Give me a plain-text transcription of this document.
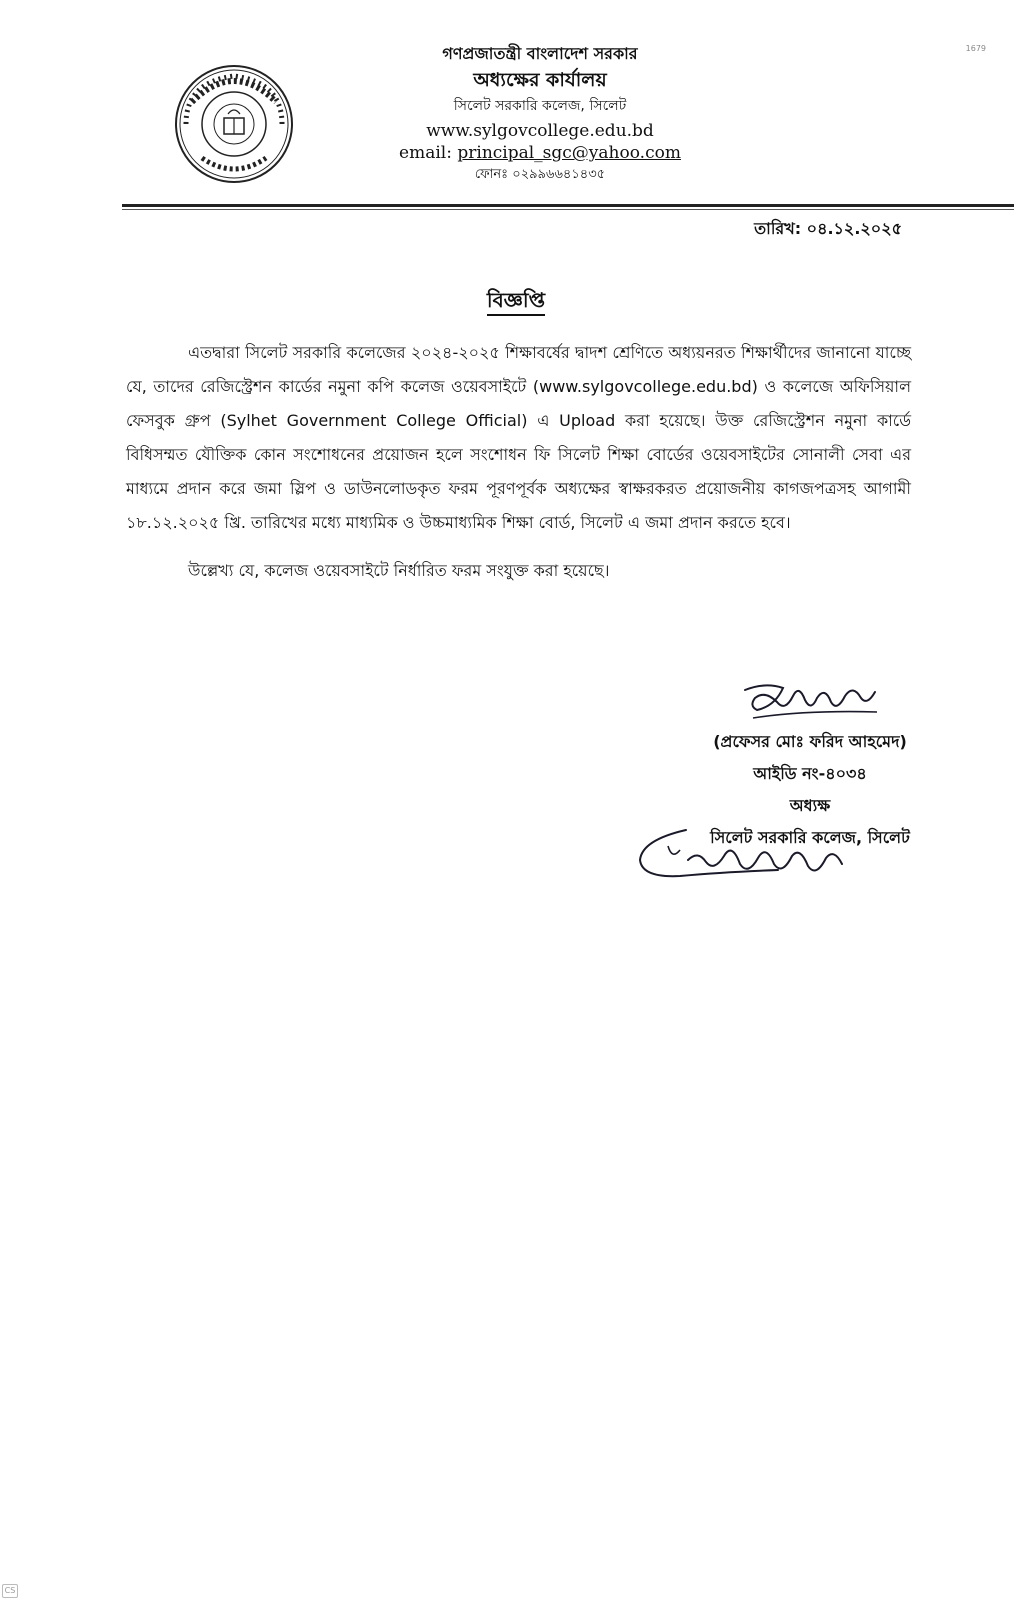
1679
গণপ্রজাতন্ত্রী বাংলাদেশ সরকার
অধ্যক্ষের কার্যালয়
সিলেট সরকারি কলেজ, সিলেট
www.sylgovcollege.edu.bd
email: principal_sgc@yahoo.com
ফোনঃ ০২৯৯৬৬৪১৪৩৫
তারিখ: ০৪.১২.২০২৫
বিজ্ঞপ্তি

এতদ্বারা সিলেট সরকারি কলেজের ২০২৪-২০২৫ শিক্ষাবর্ষের দ্বাদশ শ্রেণিতে অধ্যয়নরত শিক্ষার্থীদের জানানো যাচ্ছে যে, তাদের রেজিস্ট্রেশন কার্ডের নমুনা কপি কলেজ ওয়েবসাইটে (www.sylgovcollege.edu.bd) ও কলেজে অফিসিয়াল ফেসবুক গ্রুপ (Sylhet Government College Official) এ Upload করা হয়েছে। উক্ত রেজিস্ট্রেশন নমুনা কার্ডে বিধিসম্মত যৌক্তিক কোন সংশোধনের প্রয়োজন হলে সংশোধন ফি সিলেট শিক্ষা বোর্ডের ওয়েবসাইটের সোনালী সেবা এর মাধ্যমে প্রদান করে জমা স্লিপ ও ডাউনলোডকৃত ফরম পূরণপূর্বক অধ্যক্ষের স্বাক্ষরকরত প্রয়োজনীয় কাগজপত্রসহ আগামী ১৮.১২.২০২৫ খ্রি. তারিখের মধ্যে মাধ্যমিক ও উচ্চমাধ্যমিক শিক্ষা বোর্ড, সিলেট এ জমা প্রদান করতে হবে।

উল্লেখ্য যে, কলেজ ওয়েবসাইটে নির্ধারিত ফরম সংযুক্ত করা হয়েছে।

(প্রফেসর মোঃ ফরিদ আহমেদ)
আইডি নং-৪০৩৪
অধ্যক্ষ
সিলেট সরকারি কলেজ, সিলেট
CS
